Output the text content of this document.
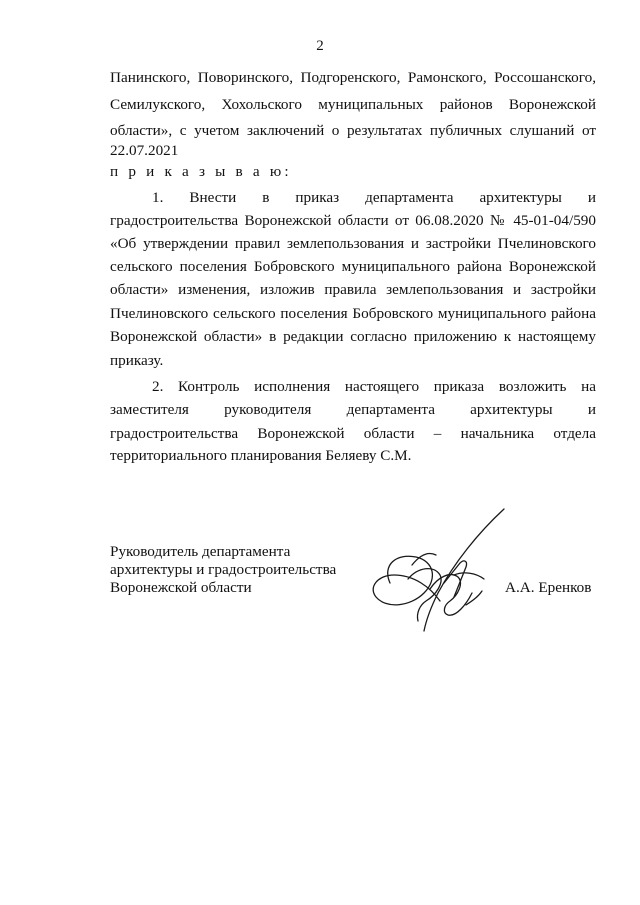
2
Панинского, Поворинского, Подгоренского, Рамонского, Россошанского,
Семилукского, Хохольского муниципальных районов Воронежской
области», с учетом заключений о результатах публичных слушаний от
22.07.2021
п р и к а з ы в а ю:
1. Внести в приказ департамента архитектуры и
градостроительства Воронежской области от 06.08.2020 № 45-01-04/590
«Об утверждении правил землепользования и застройки Пчелиновского
сельского поселения Бобровского муниципального района Воронежской
области» изменения, изложив правила землепользования и застройки
Пчелиновского сельского поселения Бобровского муниципального района
Воронежской области» в редакции согласно приложению к настоящему
приказу.
2. Контроль исполнения настоящего приказа возложить на
заместителя руководителя департамента архитектуры и
градостроительства Воронежской области – начальника отдела
территориального планирования Беляеву С.М.
Руководитель департамента
архитектуры и градостроительства
Воронежской области	А.А. Еренков
